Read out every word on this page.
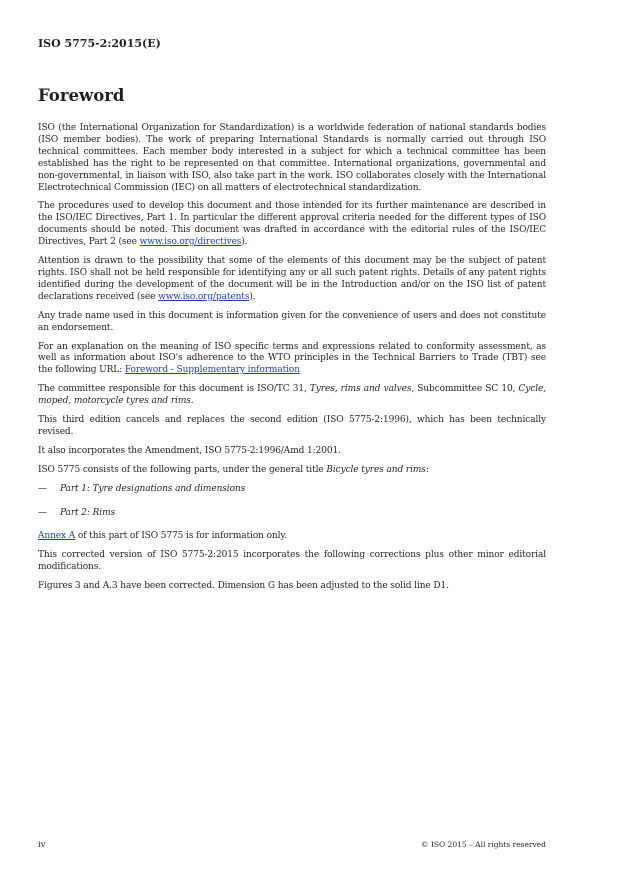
ISO 5775-2:2015(E)

Foreword

ISO (the International Organization for Standardization) is a worldwide federation of national standards bodies (ISO member bodies). The work of preparing International Standards is normally carried out through ISO technical committees. Each member body interested in a subject for which a technical committee has been established has the right to be represented on that committee. International organizations, governmental and non-governmental, in liaison with ISO, also take part in the work. ISO collaborates closely with the International Electrotechnical Commission (IEC) on all matters of electrotechnical standardization.

The procedures used to develop this document and those intended for its further maintenance are described in the ISO/IEC Directives, Part 1. In particular the different approval criteria needed for the different types of ISO documents should be noted. This document was drafted in accordance with the editorial rules of the ISO/IEC Directives, Part 2 (see www.iso.org/directives).

Attention is drawn to the possibility that some of the elements of this document may be the subject of patent rights. ISO shall not be held responsible for identifying any or all such patent rights. Details of any patent rights identified during the development of the document will be in the Introduction and/or on the ISO list of patent declarations received (see www.iso.org/patents).

Any trade name used in this document is information given for the convenience of users and does not constitute an endorsement.

For an explanation on the meaning of ISO specific terms and expressions related to conformity assessment, as well as information about ISO's adherence to the WTO principles in the Technical Barriers to Trade (TBT) see the following URL: Foreword - Supplementary information

The committee responsible for this document is ISO/TC 31, Tyres, rims and valves, Subcommittee SC 10, Cycle, moped, motorcycle tyres and rims.

This third edition cancels and replaces the second edition (ISO 5775-2:1996), which has been technically revised.

It also incorporates the Amendment, ISO 5775-2:1996/Amd 1:2001.

ISO 5775 consists of the following parts, under the general title Bicycle tyres and rims:

— Part 1: Tyre designations and dimensions

— Part 2: Rims

Annex A of this part of ISO 5775 is for information only.

This corrected version of ISO 5775-2:2015 incorporates the following corrections plus other minor editorial modifications.

Figures 3 and A.3 have been corrected. Dimension G has been adjusted to the solid line D1.

iv	© ISO 2015 – All rights reserved
